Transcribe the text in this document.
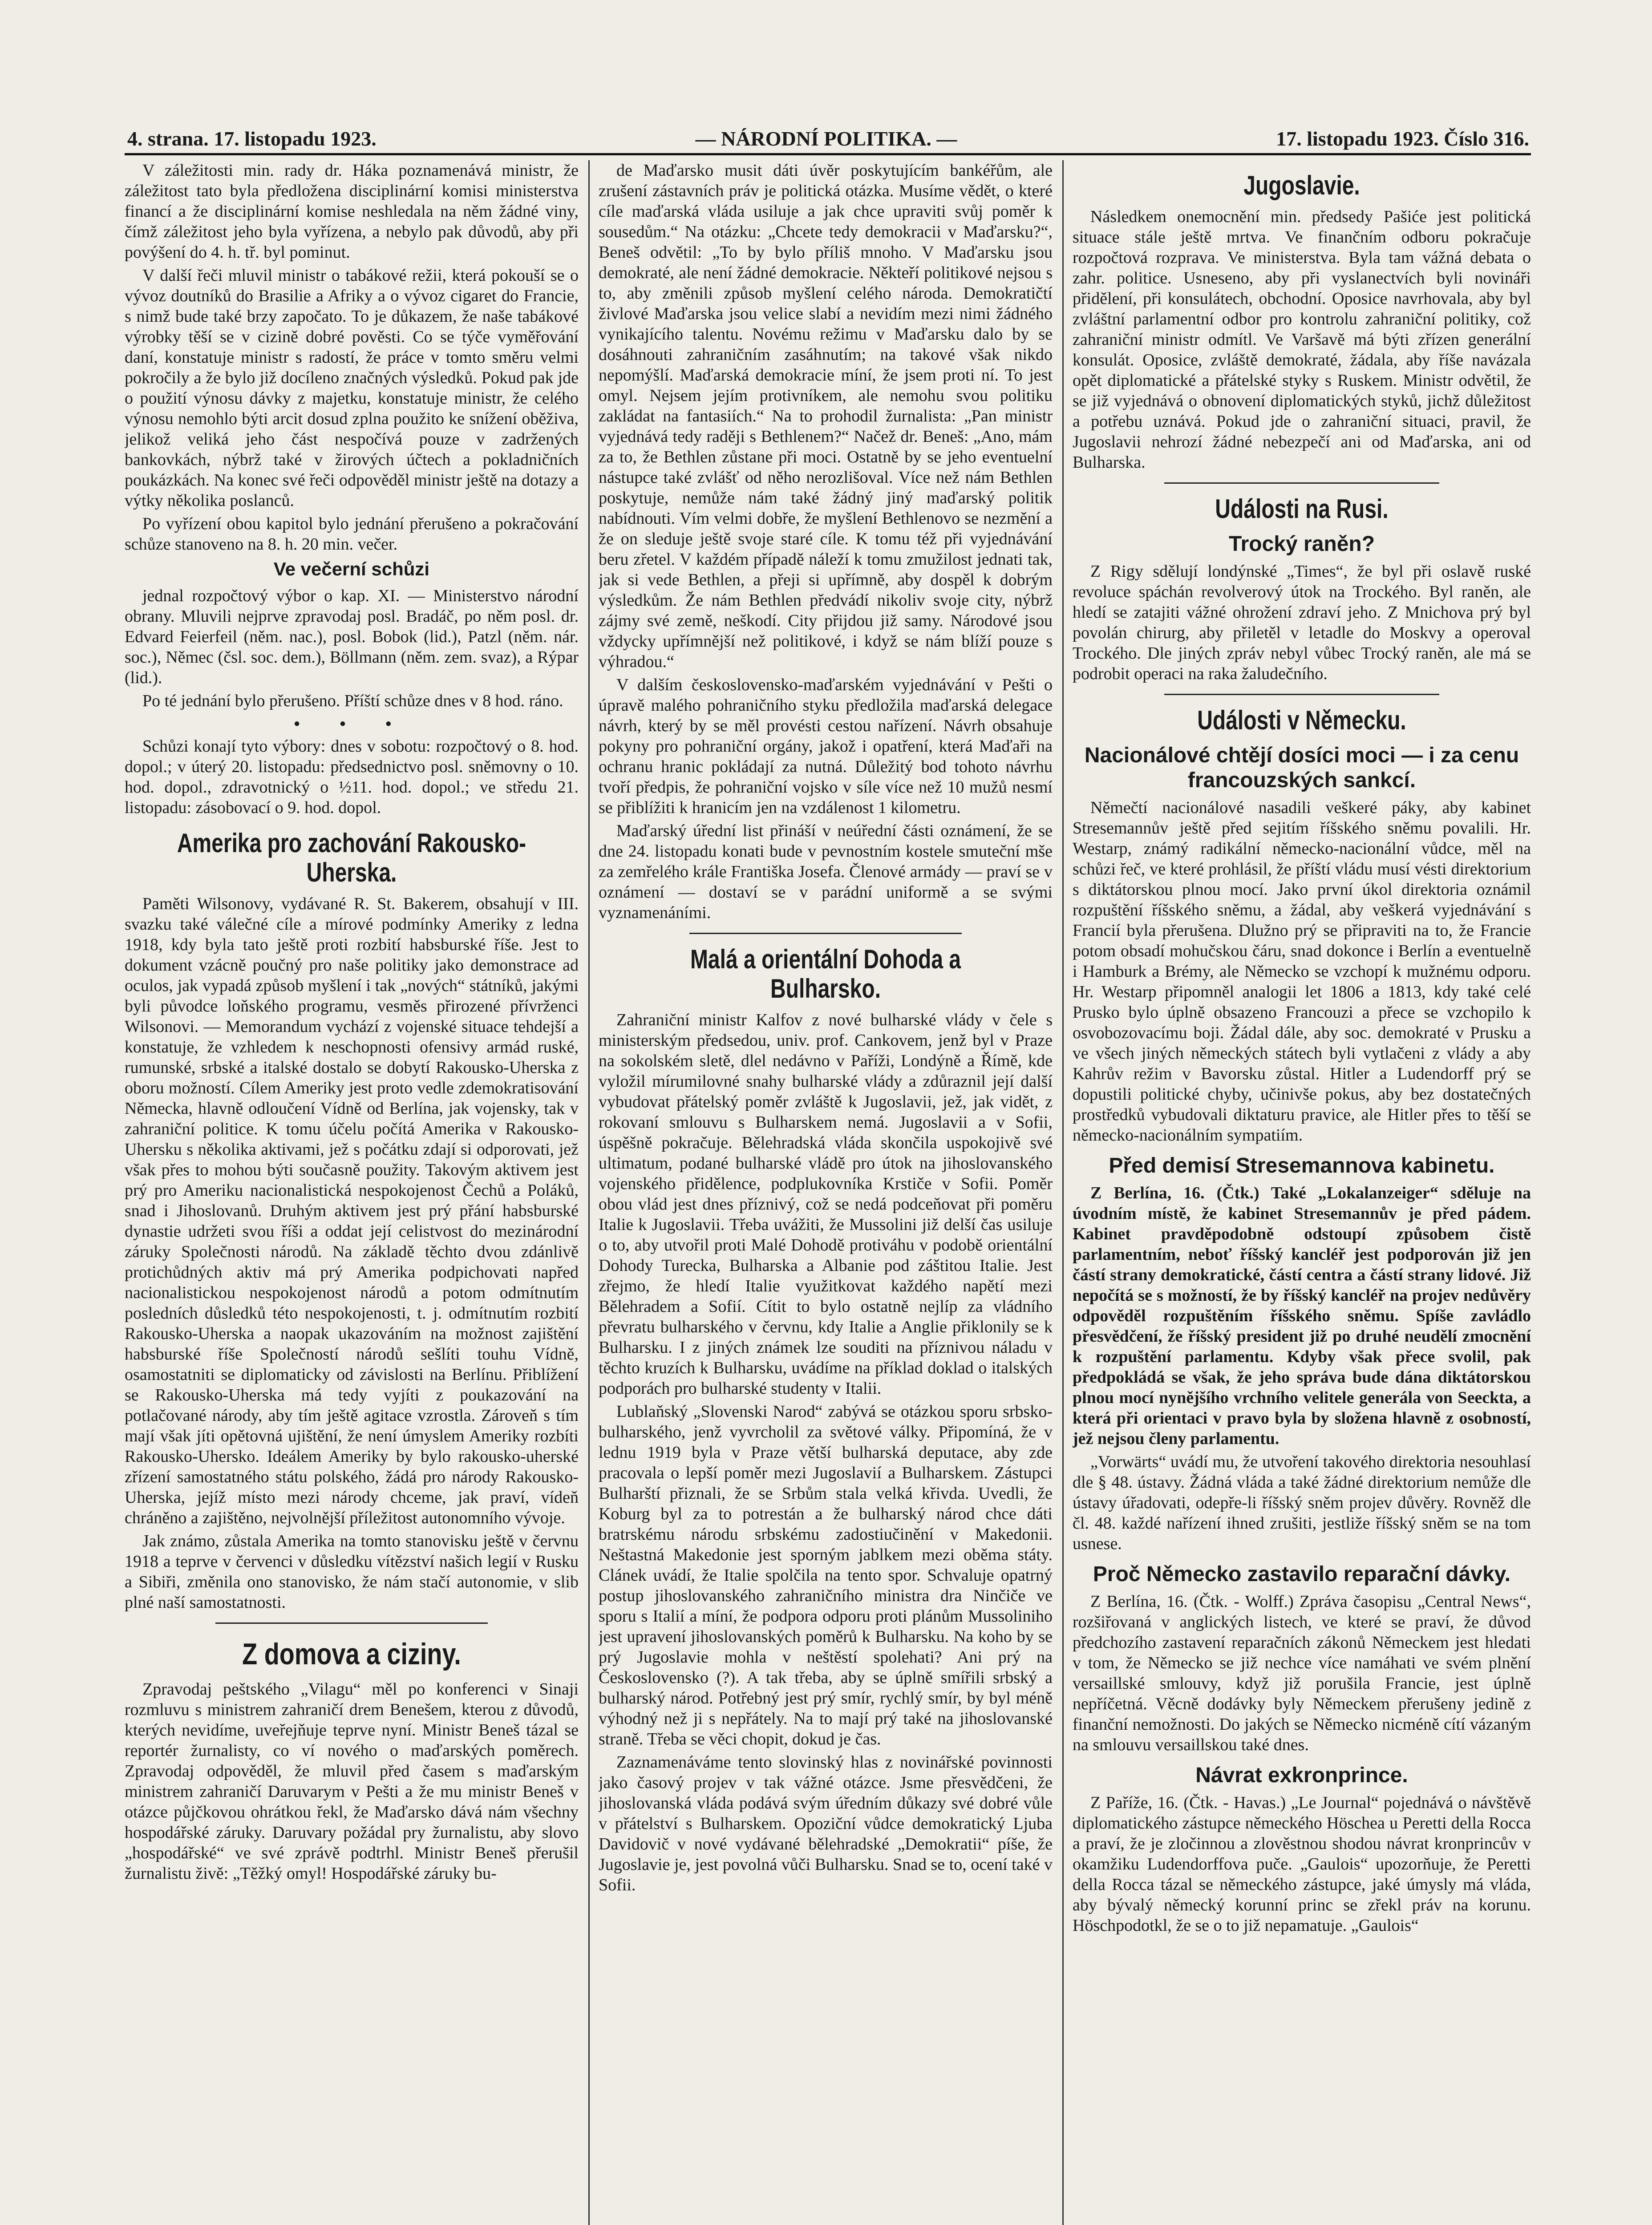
4. strana. 17. listopadu 1923.	— NÁRODNÍ POLITIKA. —	17. listopadu 1923. Číslo 316.

V záležitosti min. rady dr. Háka poznamenává ministr, že záležitost tato byla předložena disciplinární komisi ministerstva financí a že disciplinární komise neshledala na něm žádné viny, čímž záležitost jeho byla vyřízena, a nebylo pak důvodů, aby při povýšení do 4. h. tř. byl pominut.

V další řeči mluvil ministr o tabákové režii, která pokouší se o vývoz doutníků do Brasilie a Afriky a o vývoz cigaret do Francie, s nimž bude také brzy započato. To je důkazem, že naše tabákové výrobky těší se v cizině dobré pověsti. Co se týče vyměřování daní, konstatuje ministr s radostí, že práce v tomto směru velmi pokročily a že bylo již docíleno značných výsledků. Pokud pak jde o použití výnosu dávky z majetku, konstatuje ministr, že celého výnosu nemohlo býti arcit dosud zplna použito ke snížení oběživa, jelikož veliká jeho část nespočívá pouze v zadržených bankovkách, nýbrž také v žirových účtech a pokladničních poukázkách. Na konec své řeči odpověděl ministr ještě na dotazy a výtky několika poslanců.

Po vyřízení obou kapitol bylo jednání přerušeno a pokračování schůze stanoveno na 8. h. 20 min. večer.

Ve večerní schůzi

jednal rozpočtový výbor o kap. XI. — Ministerstvo národní obrany. Mluvili nejprve zpravodaj posl. Bradáč, po něm posl. dr. Edvard Feierfeil (něm. nac.), posl. Bobok (lid.), Patzl (něm. nár. soc.), Němec (čsl. soc. dem.), Böllmann (něm. zem. svaz), a Rýpar (lid.).

Po té jednání bylo přerušeno. Příští schůze dnes v 8 hod. ráno.

• • •

Schůzi konají tyto výbory: dnes v sobotu: rozpočtový o 8. hod. dopol.; v úterý 20. listopadu: předsednictvo posl. sněmovny o 10. hod. dopol., zdravotnický o ½11. hod. dopol.; ve středu 21. listopadu: zásobovací o 9. hod. dopol.

Amerika pro zachování Rakousko-Uherska.

Paměti Wilsonovy, vydávané R. St. Bakerem, obsahují v III. svazku také válečné cíle a mírové podmínky Ameriky z ledna 1918, kdy byla tato ještě proti rozbití habsburské říše. Jest to dokument vzácně poučný pro naše politiky jako demonstrace ad oculos, jak vypadá způsob myšlení i tak „nových“ státníků, jakými byli původce loňského programu, vesměs přirozené přívrženci Wilsonovi. — Memorandum vychází z vojenské situace tehdejší a konstatuje, že vzhledem k neschopnosti ofensivy armád ruské, rumunské, srbské a italské dostalo se dobytí Rakousko-Uherska z oboru možností. Cílem Ameriky jest proto vedle zdemokratisování Německa, hlavně odloučení Vídně od Berlína, jak vojensky, tak v zahraniční politice. K tomu účelu počítá Amerika v Rakousko-Uhersku s několika aktivami, jež s počátku zdají si odporovati, jež však přes to mohou býti současně použity. Takovým aktivem jest prý pro Ameriku nacionalistická nespokojenost Čechů a Poláků, snad i Jihoslovanů. Druhým aktivem jest prý přání habsburské dynastie udržeti svou říši a oddat její celistvost do mezinárodní záruky Společnosti národů. Na základě těchto dvou zdánlivě protichůdných aktiv má prý Amerika podpichovati napřed nacionalistickou nespokojenost národů a potom odmítnutím posledních důsledků této nespokojenosti, t. j. odmítnutím rozbití Rakousko-Uherska a naopak ukazováním na možnost zajištění habsburské říše Společností národů sešlíti touhu Vídně, osamostatniti se diplomaticky od závislosti na Berlínu. Přiblížení se Rakousko-Uherska má tedy vyjíti z poukazování na potlačované národy, aby tím ještě agitace vzrostla. Zároveň s tím mají však jíti opětovná ujištění, že není úmyslem Ameriky rozbíti Rakousko-Uhersko. Ideálem Ameriky by bylo rakousko-uherské zřízení samostatného státu polského, žádá pro národy Rakousko-Uherska, jejíž místo mezi národy chceme, jak praví, vídeň chráněno a zajištěno, nejvolnější příležitost autonomního vývoje.

Jak známo, zůstala Amerika na tomto stanovisku ještě v červnu 1918 a teprve v červenci v důsledku vítězství našich legií v Rusku a Sibiři, změnila ono stanovisko, že nám stačí autonomie, v slib plné naší samostatnosti.

Z domova a ciziny.

Zpravodaj peštského „Vilagu“ měl po konferenci v Sinaji rozmluvu s ministrem zahraničí drem Benešem, kterou z důvodů, kterých nevidíme, uveřejňuje teprve nyní. Ministr Beneš tázal se reportér žurnalisty, co ví nového o maďarských poměrech. Zpravodaj odpověděl, že mluvil před časem s maďarským ministrem zahraničí Daruvarym v Pešti a že mu ministr Beneš v otázce půjčkovou ohrátkou řekl, že Maďarsko dává nám všechny hospodářské záruky. Daruvary požádal pry žurnalistu, aby slovo „hospodářské“ ve své zprávě podtrhl. Ministr Beneš přerušil žurnalistu živě: „Těžký omyl! Hospodářské záruky bu-

de Maďarsko musit dáti úvěr poskytujícím bankéřům, ale zrušení zástavních práv je politická otázka. Musíme vědět, o které cíle maďarská vláda usiluje a jak chce upraviti svůj poměr k sousedům.“ Na otázku: „Chcete tedy demokracii v Maďarsku?“, Beneš odvětil: „To by bylo příliš mnoho. V Maďarsku jsou demokraté, ale není žádné demokracie. Někteří politikové nejsou s to, aby změnili způsob myšlení celého národa. Demokratičtí živlové Maďarska jsou velice slabí a nevidím mezi nimi žádného vynikajícího talentu. Novému režimu v Maďarsku dalo by se dosáhnouti zahraničním zasáhnutím; na takové však nikdo nepomýšlí. Maďarská demokracie míní, že jsem proti ní. To jest omyl. Nejsem jejím protivníkem, ale nemohu svou politiku zakládat na fantasiích.“ Na to prohodil žurnalista: „Pan ministr vyjednává tedy raději s Bethlenem?“ Načež dr. Beneš: „Ano, mám za to, že Bethlen zůstane při moci. Ostatně by se jeho eventuelní nástupce také zvlášť od něho nerozlišoval. Více než nám Bethlen poskytuje, nemůže nám také žádný jiný maďarský politik nabídnouti. Vím velmi dobře, že myšlení Bethlenovo se nezmění a že on sleduje ještě svoje staré cíle. K tomu též při vyjednávání beru zřetel. V každém případě náleží k tomu zmužilost jednati tak, jak si vede Bethlen, a přeji si upřímně, aby dospěl k dobrým výsledkům. Že nám Bethlen předvádí nikoliv svoje city, nýbrž zájmy své země, neškodí. City přijdou již samy. Národové jsou vždycky upřímnější než politikové, i když se nám blíží pouze s výhradou.“

V dalším československo-maďarském vyjednávání v Pešti o úpravě malého pohraničního styku předložila maďarská delegace návrh, který by se měl provésti cestou nařízení. Návrh obsahuje pokyny pro pohraniční orgány, jakož i opatření, která Maďaři na ochranu hranic pokládají za nutná. Důležitý bod tohoto návrhu tvoří předpis, že pohraniční vojsko v síle více než 10 mužů nesmí se přiblížiti k hranicím jen na vzdálenost 1 kilometru.

Maďarský úřední list přináší v neúřední části oznámení, že se dne 24. listopadu konati bude v pevnostním kostele smuteční mše za zemřelého krále Františka Josefa. Členové armády — praví se v oznámení — dostaví se v parádní uniformě a se svými vyznamenáními.

Malá a orientální Dohoda a Bulharsko.

Zahraniční ministr Kalfov z nové bulharské vlády v čele s ministerským předsedou, univ. prof. Cankovem, jenž byl v Praze na sokolském sletě, dlel nedávno v Paříži, Londýně a Římě, kde vyložil mírumilovné snahy bulharské vlády a zdůraznil její další vybudovat přátelský poměr zvláště k Jugoslavii, jež, jak vidět, z rokovaní smlouvu s Bulharskem nemá. Jugoslavii a v Sofii, úspěšně pokračuje. Bělehradská vláda skončila uspokojivě své ultimatum, podané bulharské vládě pro útok na jihoslovanského vojenského přidělence, podplukovníka Krstiče v Sofii. Poměr obou vlád jest dnes příznivý, což se nedá podceňovat při poměru Italie k Jugoslavii. Třeba uvážiti, že Mussolini již delší čas usiluje o to, aby utvořil proti Malé Dohodě protiváhu v podobě orientální Dohody Turecka, Bulharska a Albanie pod záštitou Italie. Jest zřejmo, že hledí Italie využitkovat každého napětí mezi Bělehradem a Sofií. Cítit to bylo ostatně nejlíp za vládního převratu bulharského v červnu, kdy Italie a Anglie přiklonily se k Bulharsku. I z jiných známek lze souditi na příznivou náladu v těchto kruzích k Bulharsku, uvádíme na příklad doklad o italských podporách pro bulharské studenty v Italii.

Lublaňský „Slovenski Narod“ zabývá se otázkou sporu srbsko-bulharského, jenž vyvrcholil za světové války. Připomíná, že v lednu 1919 byla v Praze větší bulharská deputace, aby zde pracovala o lepší poměr mezi Jugoslavií a Bulharskem. Zástupci Bulharští přiznali, že se Srbům stala velká křivda. Uvedli, že Koburg byl za to potrestán a že bulharský národ chce dáti bratrskému národu srbskému zadostiučinění v Makedonii. Neštastná Makedonie jest sporným jablkem mezi oběma státy. Clánek uvádí, že Italie spolčila na tento spor. Schvaluje opatrný postup jihoslovanského zahraničního ministra dra Ninčiče ve sporu s Italií a míní, že podpora odporu proti plánům Mussoliniho jest upravení jihoslovanských poměrů k Bulharsku. Na koho by se prý Jugoslavie mohla v neštěstí spolehati? Ani prý na Československo (?). A tak třeba, aby se úplně smířili srbský a bulharský národ. Potřebný jest prý smír, rychlý smír, by byl méně výhodný než ji s nepřátely. Na to mají prý také na jihoslovanské straně. Třeba se věci chopit, dokud je čas.

Zaznamenáváme tento slovinský hlas z novinářské povinnosti jako časový projev v tak vážné otázce. Jsme přesvědčeni, že jihoslovanská vláda podává svým úředním důkazy své dobré vůle v přátelství s Bulharskem. Opoziční vůdce demokratický Ljuba Davidovič v nové vydávané bělehradské „Demokratii“ píše, že Jugoslavie je, jest povolná vůči Bulharsku. Snad se to, ocení také v Sofii.

Jugoslavie.

Následkem onemocnění min. předsedy Pašiće jest politická situace stále ještě mrtva. Ve finančním odboru pokračuje rozpočtová rozprava. Ve ministerstva. Byla tam vážná debata o zahr. politice. Usneseno, aby při vyslanectvích byli novináři přidělení, při konsulátech, obchodní. Oposice navrhovala, aby byl zvláštní parlamentní odbor pro kontrolu zahraniční politiky, což zahraniční ministr odmítl. Ve Varšavě má býti zřízen generální konsulát. Oposice, zvláště demokraté, žádala, aby říše navázala opět diplomatické a přátelské styky s Ruskem. Ministr odvětil, že se již vyjednává o obnovení diplomatických styků, jichž důležitost a potřebu uznává. Pokud jde o zahraniční situaci, pravil, že Jugoslavii nehrozí žádné nebezpečí ani od Maďarska, ani od Bulharska.

Události na Rusi.
Trocký raněn?

Z Rigy sdělují londýnské „Times“, že byl při oslavě ruské revoluce spáchán revolverový útok na Trockého. Byl raněn, ale hledí se zatajiti vážné ohrožení zdraví jeho. Z Mnichova prý byl povolán chirurg, aby přiletěl v letadle do Moskvy a operoval Trockého. Dle jiných zpráv nebyl vůbec Trocký raněn, ale má se podrobit operaci na raka žaludečního.

Události v Německu.
Nacionálové chtějí dosíci moci — i za cenu francouzských sankcí.

Němečtí nacionálové nasadili veškeré páky, aby kabinet Stresemannův ještě před sejitím říšského sněmu povalili. Hr. Westarp, známý radikální německo-nacionální vůdce, měl na schůzi řeč, ve které prohlásil, že příští vládu musí vésti direktorium s diktátorskou plnou mocí. Jako první úkol direktoria oznámil rozpuštění říšského sněmu, a žádal, aby veškerá vyjednávání s Francií byla přerušena. Dlužno prý se připraviti na to, že Francie potom obsadí mohučskou čáru, snad dokonce i Berlín a eventuelně i Hamburk a Brémy, ale Německo se vzchopí k mužnému odporu. Hr. Westarp připomněl analogii let 1806 a 1813, kdy také celé Prusko bylo úplně obsazeno Francouzi a přece se vzchopilo k osvobozovacímu boji. Žádal dále, aby soc. demokraté v Prusku a ve všech jiných německých státech byli vytlačeni z vlády a aby Kahrův režim v Bavorsku zůstal. Hitler a Ludendorff prý se dopustili politické chyby, učinivše pokus, aby bez dostatečných prostředků vybudovali diktaturu pravice, ale Hitler přes to těší se německo-nacionálním sympatiím.

Před demisí Stresemannova kabinetu.

Z Berlína, 16. (Čtk.) Také „Lokalanzeiger“ sděluje na úvodním místě, že kabinet Stresemannův je před pádem. Kabinet pravděpodobně odstoupí způsobem čistě parlamentním, neboť říšský kancléř jest podporován již jen částí strany demokratické, částí centra a částí strany lidové. Již nepočítá se s možností, že by říšský kancléř na projev nedůvěry odpověděl rozpuštěním říšského sněmu. Spíše zavládlo přesvědčení, že říšský president již po druhé neudělí zmocnění k rozpuštění parlamentu. Kdyby však přece svolil, pak předpokládá se však, že jeho správa bude dána diktátorskou plnou mocí nynějšího vrchního velitele generála von Seeckta, a která při orientaci v pravo byla by složena hlavně z osobností, jež nejsou členy parlamentu.

„Vorwärts“ uvádí mu, že utvoření takového direktoria nesouhlasí dle § 48. ústavy. Žádná vláda a také žádné direktorium nemůže dle ústavy úřadovati, odepře-li říšský sněm projev důvěry. Rovněž dle čl. 48. každé nařízení ihned zrušiti, jestliže říšský sněm se na tom usnese.

Proč Německo zastavilo reparační dávky.

Z Berlína, 16. (Čtk. - Wolff.) Zpráva časopisu „Central News“, rozšiřovaná v anglických listech, ve které se praví, že důvod předchozího zastavení reparačních zákonů Německem jest hledati v tom, že Německo se již nechce více namáhati ve svém plnění versaillské smlouvy, když již porušila Francie, jest úplně nepříčetná. Věcně dodávky byly Německem přerušeny jedině z finanční nemožnosti. Do jakých se Německo nicméně cítí vázaným na smlouvu versaillskou také dnes.

Návrat exkronprince.

Z Paříže, 16. (Čtk. - Havas.) „Le Journal“ pojednává o návštěvě diplomatického zástupce německého Höschea u Peretti della Rocca a praví, že je zločinnou a zlověstnou shodou návrat kronprincův v okamžiku Ludendorffova puče. „Gaulois“ upozorňuje, že Peretti della Rocca tázal se německého zástupce, jaké úmysly má vláda, aby bývalý německý korunní princ se zřekl práv na korunu. Höschpodotkl, že se o to již nepamatuje. „Gaulois“
